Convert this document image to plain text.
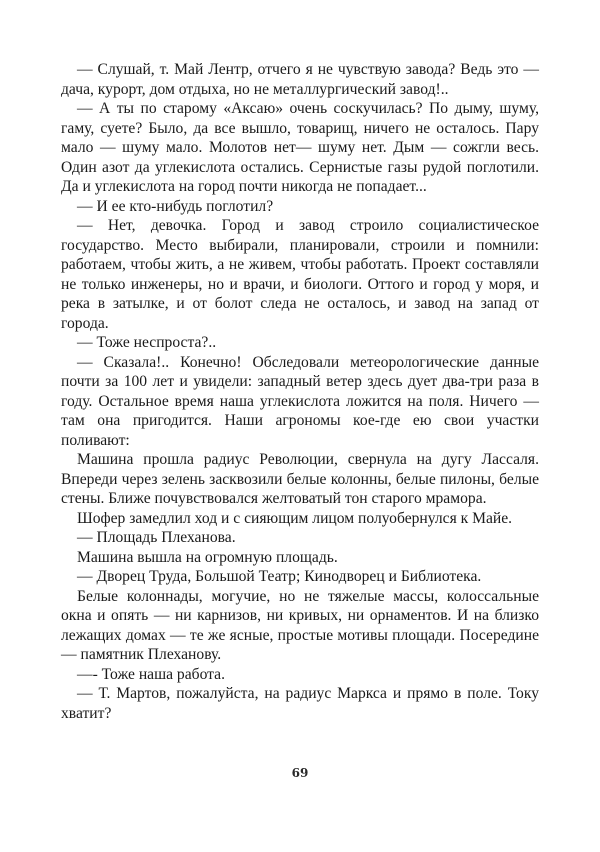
— Слушай, т. Май Лентр, отчего я не чувствую завода? Ведь это — дача, курорт, дом отдыха, но не металлургический завод!..

— А ты по старому «Аксаю» очень соскучилась? По дыму, шуму, гаму, суете? Было, да все вышло, товарищ, ничего не осталось. Пару мало — шуму мало. Молотов нет— шуму нет. Дым — сожгли весь. Один азот да углекислота остались. Сернистые газы рудой поглотили. Да и углекислота на город почти никогда не попадает...

— И ее кто-нибудь поглотил?

— Нет, девочка. Город и завод строило социалистическое государство. Место выбирали, планировали, строили и помнили: работаем, чтобы жить, а не живем, чтобы работать. Проект составляли не только инженеры, но и врачи, и биологи. Оттого и город у моря, и река в затылке, и от болот следа не осталось, и завод на запад от города.

— Тоже неспроста?..

— Сказала!.. Конечно! Обследовали метеорологические данные почти за 100 лет и увидели: западный ветер здесь дует два-три раза в году. Остальное время наша углекислота ложится на поля. Ничего — там она пригодится. Наши агрономы кое-где ею свои участки поливают:

Машина прошла радиус Революции, свернула на дугу Лассаля. Впереди через зелень засквозили белые колонны, белые пилоны, белые стены. Ближе почувствовался желтоватый тон старого мрамора.

Шофер замедлил ход и с сияющим лицом полуобернулся к Майе.

— Площадь Плеханова.

Машина вышла на огромную площадь.

— Дворец Труда, Большой Театр; Кинодворец и Библиотека.

Белые колоннады, могучие, но не тяжелые массы, колоссальные окна и опять — ни карнизов, ни кривых, ни орнаментов. И на близко лежащих домах — те же ясные, простые мотивы площади. Посередине — памятник Плеханову.

—- Тоже наша работа.

— Т. Мартов, пожалуйста, на радиус Маркса и прямо в поле. Току хватит?

69
